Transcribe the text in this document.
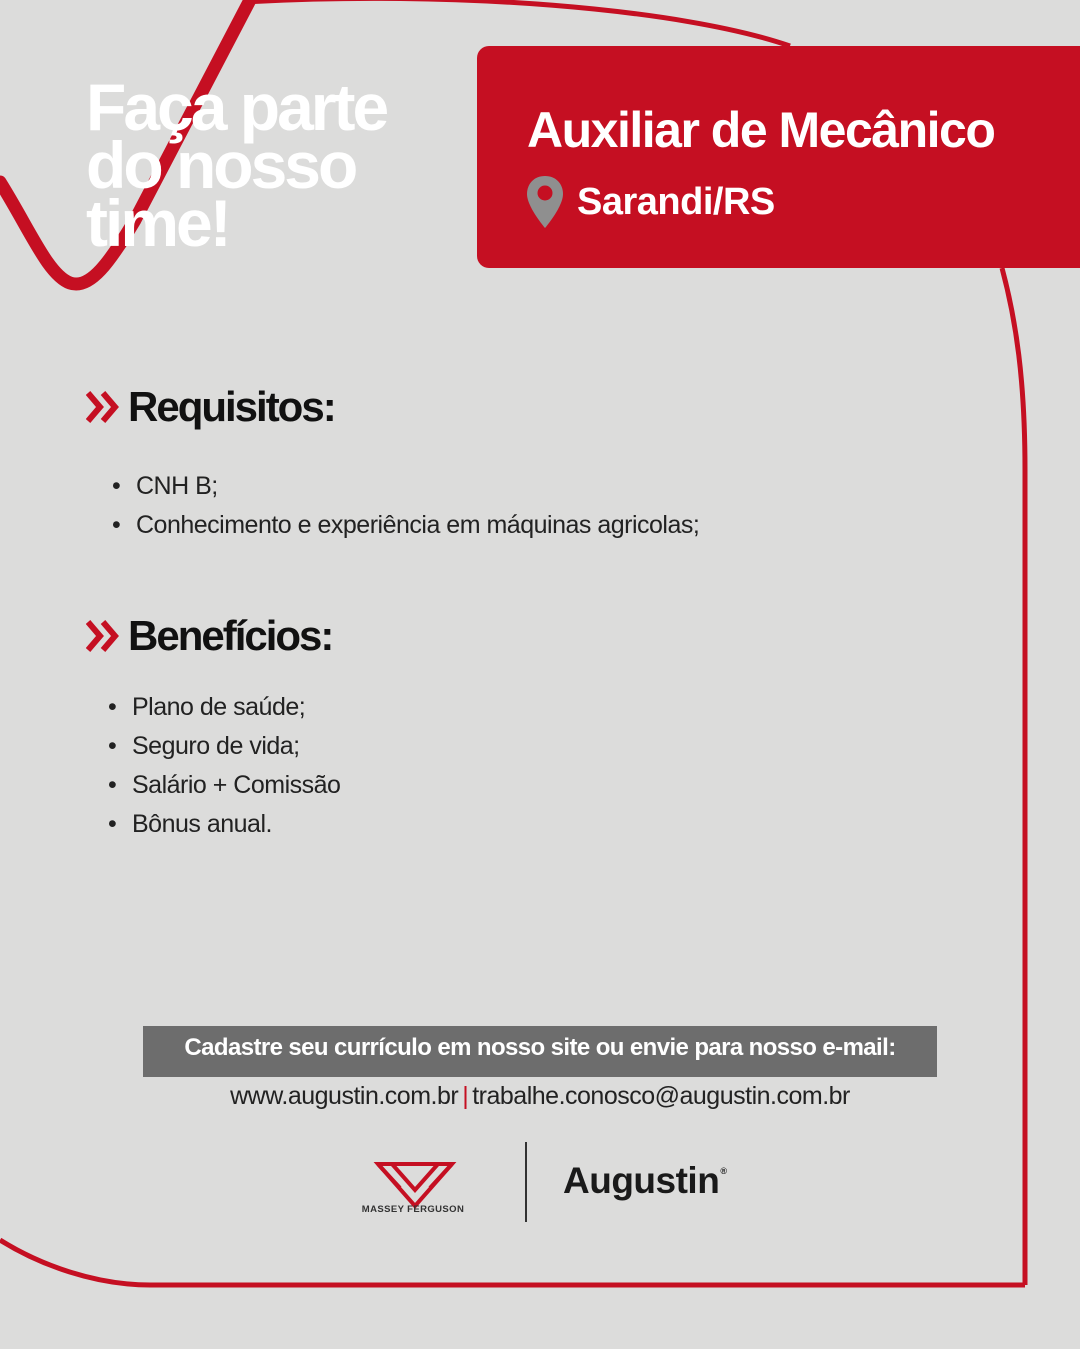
Faça parte
do nosso
time!
Auxiliar de Mecânico
Sarandi/RS
Requisitos:
• CNH B;
• Conhecimento e experiência em máquinas agricolas;
Benefícios:
• Plano de saúde;
• Seguro de vida;
• Salário + Comissão
• Bônus anual.
Cadastre seu currículo em nosso site ou envie para nosso e-mail:
www.augustin.com.br | trabalhe.conosco@augustin.com.br
MASSEY FERGUSON
Augustin®
